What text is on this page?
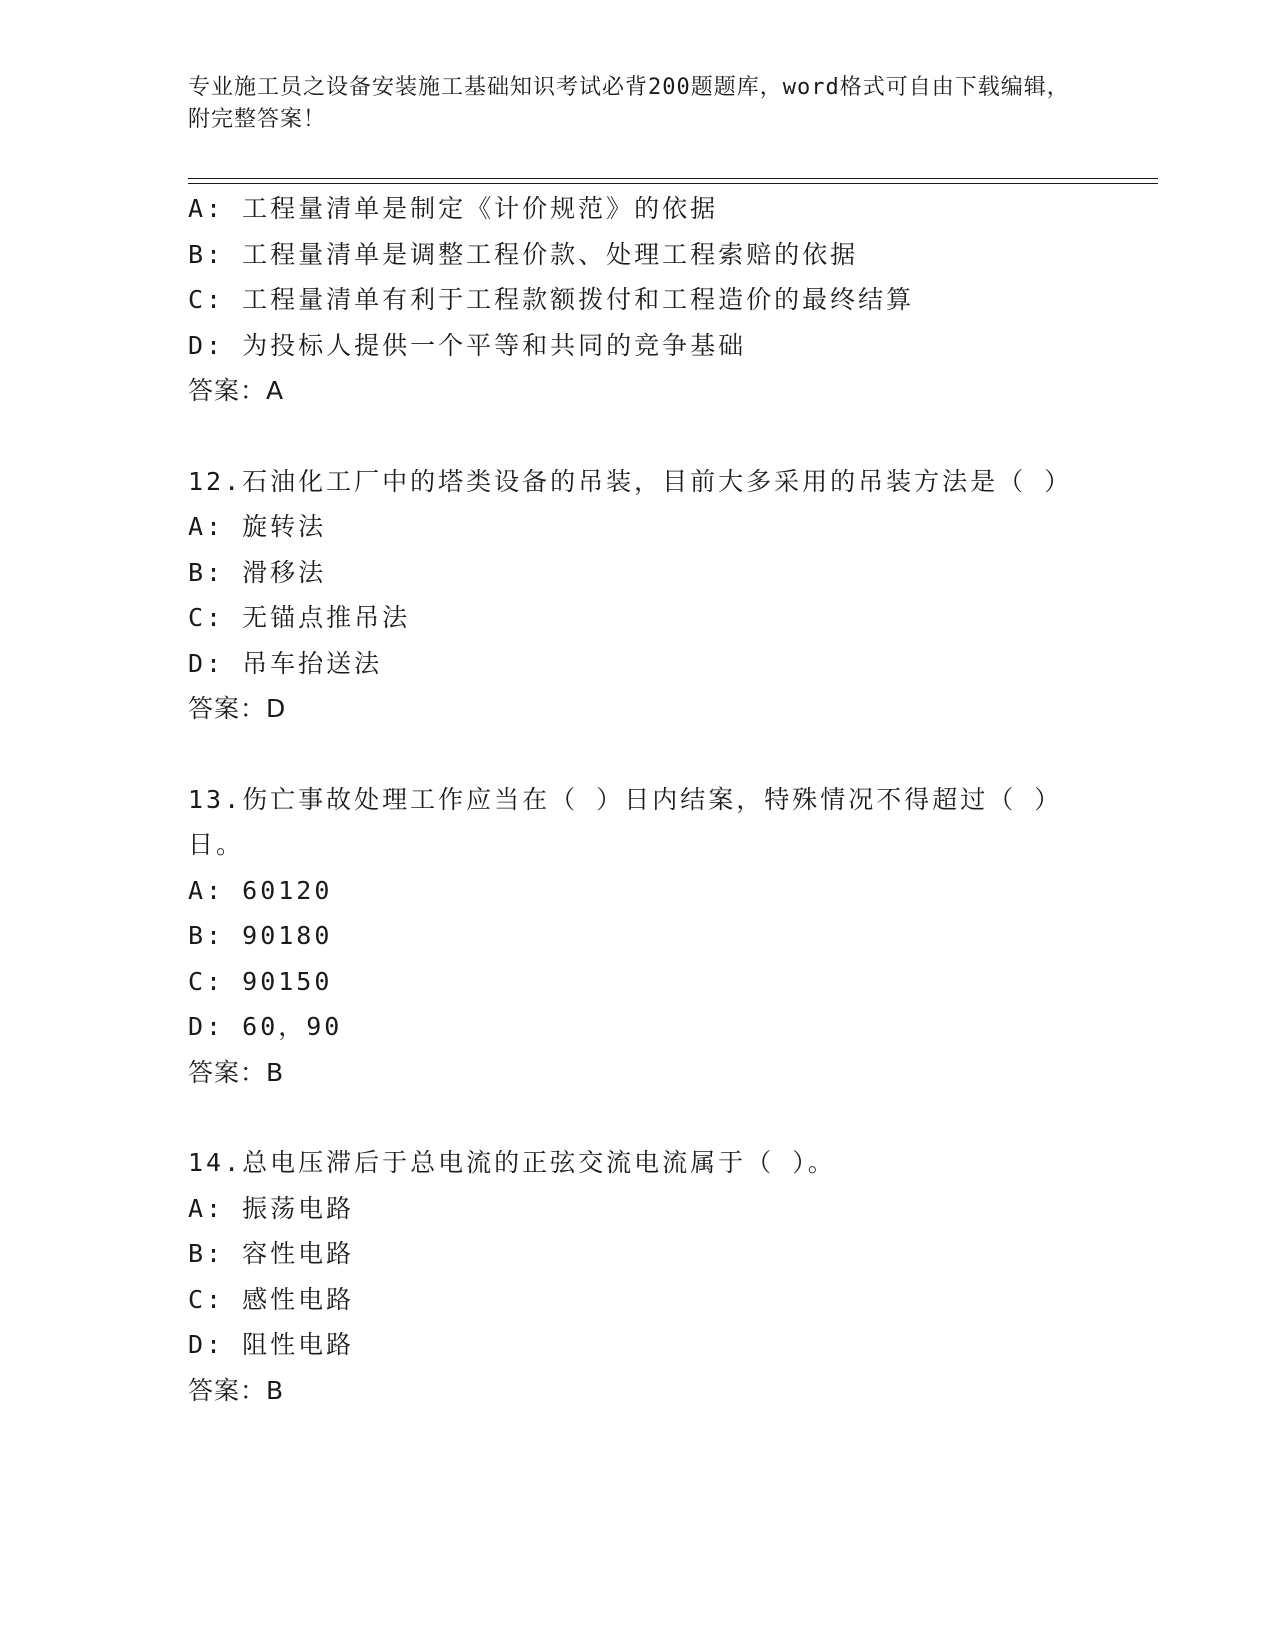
专业施工员之设备安装施工基础知识考试必背200题题库，word格式可自由下载编辑，附完整答案！
A: 工程量清单是制定《计价规范》的依据
B: 工程量清单是调整工程价款、处理工程索赔的依据
C: 工程量清单有利于工程款额拨付和工程造价的最终结算
D: 为投标人提供一个平等和共同的竞争基础
答案：A
12.石油化工厂中的塔类设备的吊装，目前大多采用的吊装方法是（ ）
A: 旋转法
B: 滑移法
C: 无锚点推吊法
D: 吊车抬送法
答案：D
13.伤亡事故处理工作应当在（ ）日内结案，特殊情况不得超过（ ）日。
A: 60120
B: 90180
C: 90150
D: 60，90
答案：B
14.总电压滞后于总电流的正弦交流电流属于（ ）。
A: 振荡电路
B: 容性电路
C: 感性电路
D: 阻性电路
答案：B
